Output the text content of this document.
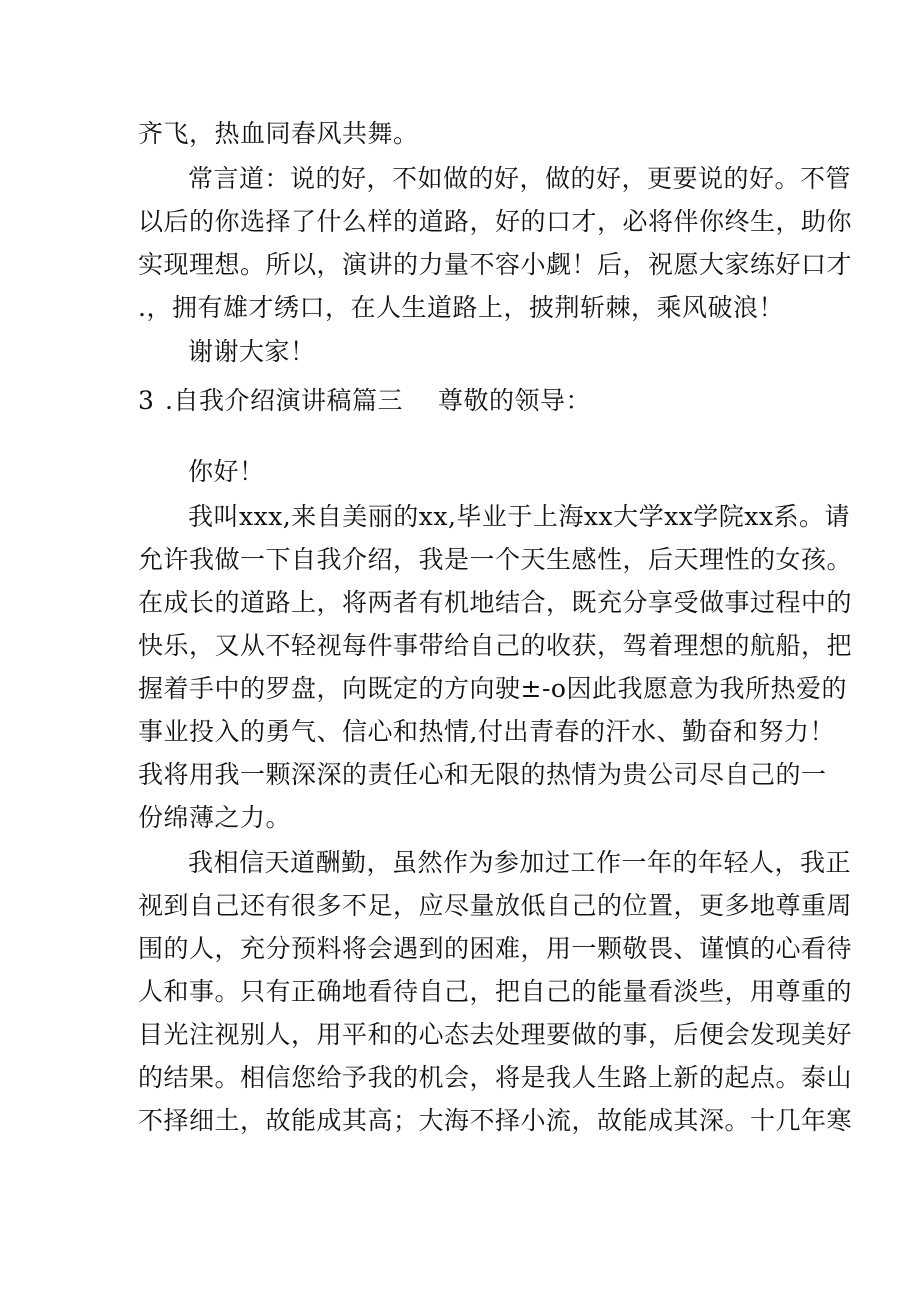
齐飞，热血同春风共舞。
常言道：说的好，不如做的好，做的好，更要说的好。不管
以后的你选择了什么样的道路，好的口才，必将伴你终生，助你
实现理想。所以，演讲的力量不容小觑！后，祝愿大家练好口才
.，拥有雄才绣口，在人生道路上，披荆斩棘，乘风破浪！
谢谢大家！
3 .自我介绍演讲稿篇三 尊敬的领导：
你好！
我叫xxx,来自美丽的xx,毕业于上海xx大学xx学院xx系。请
允许我做一下自我介绍，我是一个天生感性，后天理性的女孩。
在成长的道路上，将两者有机地结合，既充分享受做事过程中的
快乐，又从不轻视每件事带给自己的收获，驾着理想的航船，把
握着手中的罗盘，向既定的方向驶±-o因此我愿意为我所热爱的
事业投入的勇气、信心和热情,付出青春的汗水、勤奋和努力！
我将用我一颗深深的责任心和无限的热情为贵公司尽自己的一
份绵薄之力。
我相信天道酬勤，虽然作为参加过工作一年的年轻人，我正
视到自己还有很多不足，应尽量放低自己的位置，更多地尊重周
围的人，充分预料将会遇到的困难，用一颗敬畏、谨慎的心看待
人和事。只有正确地看待自己，把自己的能量看淡些，用尊重的
目光注视别人，用平和的心态去处理要做的事，后便会发现美好
的结果。相信您给予我的机会，将是我人生路上新的起点。泰山
不择细土，故能成其高；大海不择小流，故能成其深。十几年寒
